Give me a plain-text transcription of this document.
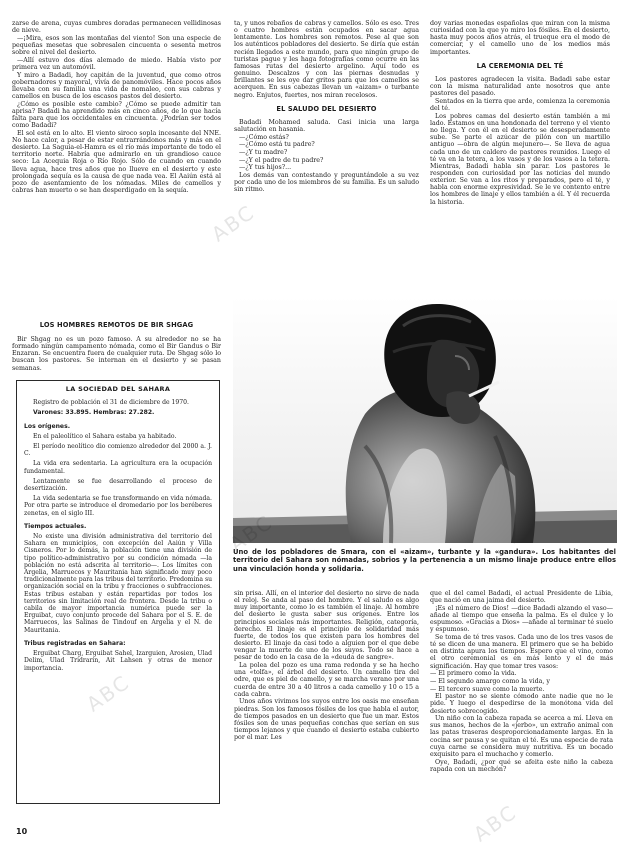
zarse de arena, cuyas cumbres doradas permanecen vellidinosas de nieve.

—¡Mira, esos son las montañas del viento! Son una especie de pequeñas mesetas que sobresalen cincuenta o sesenta metros sobre el nivel del desierto.

—Allí estuvo dos días alemado de miedo. Había visto por primera vez un automóvil.

Y miro a Badadi, hoy capitán de la juventud, que como otros gobernadores y mayoral, vivía de panomóviles. Hace pocos años llevaba con su familia una vida de nomaleo, con sus cabras y camellos en busca de los escasos pastos del desierto.

¿Cómo es posible este cambio? ¿Cómo se puede admitir tan aprisa? Badadi ha aprendido más en cinco años, de lo que hacía falta para que los occidentales en cincuenta. ¿Podrían ser todos como Badadi?

El sol está en lo alto. El viento siroco sopla incesante del NNE. No hace calor, a pesar de estar entrarrándonos más y más en el desierto. La Saguia-el-Hamra es el río más importante de todo el territorio norte. Habría que admirarlo en un grandioso cauce seco: La Acequia Roja o Río Rojo. Sólo de cuando en cuando lleva agua, hace tres años que no llueve en el desierto y este prolongada sequía es la causa de que nada vea. El Aaiún está al pozo de asentamiento de los nómadas. Miles de camellos y cabras han muerto o se han desperdigado en la sequía.

LOS HOMBRES REMOTOS DE BIR SHGAG

Bir Shgag no es un pozo famoso. A su alrededor no se ha formado ningún campamento nómada, como el Bir Gandus o Bir Enzaran. Se encuentra fuera de cualquier ruta. De Shgag sólo lo buscan los pastores. Se internan en el desierto y se pasan semanas.

LA SOCIEDAD DEL SAHARA
Registro de población el 31 de diciembre de 1970.
Varones: 33.895. Hembras: 27.282.
Los orígenes.
En el paleolítico el Sahara estaba ya habitado.
El período neolítico dio comienzo alrededor del 2000 a. J. C.
La vida era sedentaria. La agricultura era la ocupación fundamental.
Lentamente se fue desarrollando el proceso de desertización.
La vida sedentaria se fue transformando en vida nómada. Por otra parte se introduce el dromedario por los beréberes zenetas, en el siglo III.
Tiempos actuales.
No existe una división administrativa del territorio del Sahara en municipios, con excepción del Aaiún y Villa Cisneros. Por lo demás, la población tiene una división de tipo político-administrativo por su condición nómada —la población no está adscrita al territorio—. Los límites con Argelia, Marruecos y Mauritania han significado muy poco tradicionalmente para las tribus del territorio. Predomina su organización social en la tribu y fracciones o subfracciones. Estas tribus estaban y están repartidas por todos los territorios sin limitación real de frontera. Desde la tribu o cabila de mayor importancia numérica puede ser la Erguibat, cuyo conjunto procede del Sahara por el S. E. de Marruecos, las Salinas de Tindouf en Argelia y el N. de Mauritania.
Tribus registradas en Sahara:
Erguibat Charg, Erguibat Sahel, Izarguien, Arosien, Ulad Delim, Ulad Tridrarin, Ait Lahsen y otras de menor importancia.

ta, y unos rebaños de cabras y camellos. Sólo es eso. Tres o cuatro hombres están ocupados en sacar agua lentamente. Los hombres son remotos. Pese al que son los auténticos pobladores del desierto. Se diría que están recién llegados a este mundo, para que ningún grupo de turistas pague y les haga fotografías como ocurre en las famosas rutas del desierto argelino. Aquí todo es genuino. Descalzos y con las piernas desnudas y brillantes se les oye dar gritos para que los camellos se acerquen. En sus cabezas llevan un «aizam» o turbante negro. Enjutos, fuertes, nos miran recelosos.

EL SALUDO DEL DESIERTO

Badadi Mohamed saluda. Casi inicia una larga salutación en hasania.

—¿Cómo estás?

—¿Cómo está tu padre?

—¿Y tu madre?

—¿Y el padre de tu padre?

—¿Y tus hijos?...

Los demás van contestando y preguntándole a su vez por cada uno de los miembros de su familia. Es un saludo sin ritmo.

doy varias monedas españolas que miran con la misma curiosidad con la que yo miro los fósiles. En el desierto, hasta muy pocos años atrás, el trueque era el modo de comerciar, y el camello uno de los medios más importantes.

LA CEREMONIA DEL TÉ

Los pastores agradecen la visita. Badadi sabe estar con la misma naturalidad ante nosotros que ante pastores del pasado.

Sentados en la tierra que arde, comienza la ceremonia del té.

Los pobres camas del desierto están también a mi lado. Estamos en una hondonada del terreno y el viento no llega. Y con él en el desierto se desesperadamente sube. Se parte el azúcar de pilón con un martillo antiguo —obra de algún mejunero—. Se lleva de agua cada uno de un caldero de pastores reunidos. Luego el té va en la tetera, a los vasos y de los vasos a la tetera. Mientras, Badadi habla sin parar. Los pastores le responden con curiosidad por las noticias del mundo exterior. Se van a los ritos y preparados, pero el té, y habla con enorme expresividad. Se le ve contento entre los hombres de linaje y ellos también a él. Y él recuerda la historia.

Uno de los pobladores de Smara, con el «aizam», turbante y la «gandura». Los habitantes del territorio del Sahara son nómadas, sobrios y la pertenencia a un mismo linaje produce entre ellos una vinculación honda y solidaria.

sin prisa. Allí, en el interior del desierto no sirve de nada el reloj. Se anda al paso del hombre. Y el saludo es algo muy importante, como lo es también el linaje. Al hombre del desierto le gusta saber sus orígenes. Entre los principios sociales más importantes. Religión, categoría, derecho. El linaje es el principio de solidaridad más fuerte, de todos los que existen para los hombres del desierto. El linaje da casi todo a alguien por el que debe vengar la muerte de uno de los suyos. Todo se hace a pesar de todo en la casa de la «deuda de sangre».

La polea del pozo es una rama redonda y se ha hecho una «tolfa», el árbol del desierto. Un camello tira del odre, que es piel de camello, y se marcha verano por una cuerda de entre 30 a 40 litros a cada camello y 10 o 15 a cada cabra.

Unos años vivimos los suyos entre los oasis me enseñan piedras. Son los famosos fósiles de los que habla el autor, de tiempos pasados en un desierto que fue un mar. Estos fósiles son de unas pequeñas conchas que serían en sus tiempos lejanos y que cuando el desierto estaba cubierto por el mar. Les

que el del camel Badadi, el actual Presidente de Libia, que nació en una jaima del desierto.

¡Es el número de Dios! —dice Badadi alzando el vaso— añade al tiempo que enseña la palma. Es el dulce y lo espumoso. «Gracias a Dios» —añade al terminar té suelo y espumoso.

Se toma de té tres vasos. Cada uno de los tres vasos de té se dicen de una manera. El primero que se ha bebido en distinta apura los tiempos. Espero que el vino, como el otro ceremonial es en más lento y el de más significación. Hay que tomar tres vasos:

— El primero como la vida.

— El segundo amargo como la vida, y

— El tercero suave como la muerte.

El pastor no se siente cómodo ante nadie que no le pide. Y luego el despedirse de la monótona vida del desierto sobrecogido.

Un niño con la cabeza rapada se acerca a mí. Lleva en sus manos, hechos de la «jerbo», un extraño animal con las patas traseras desproporcionadamente largas. En la cocina ser pausa y se quitan el té. Es una especie de rata cuya carne se considera muy nutritiva. Es un bocado exquisito para el muchacho y comerlo.

Oye, Badadi, ¿por qué se afeita este niño la cabeza rapada con un mechón?

10
ABC
ABC
ABC
